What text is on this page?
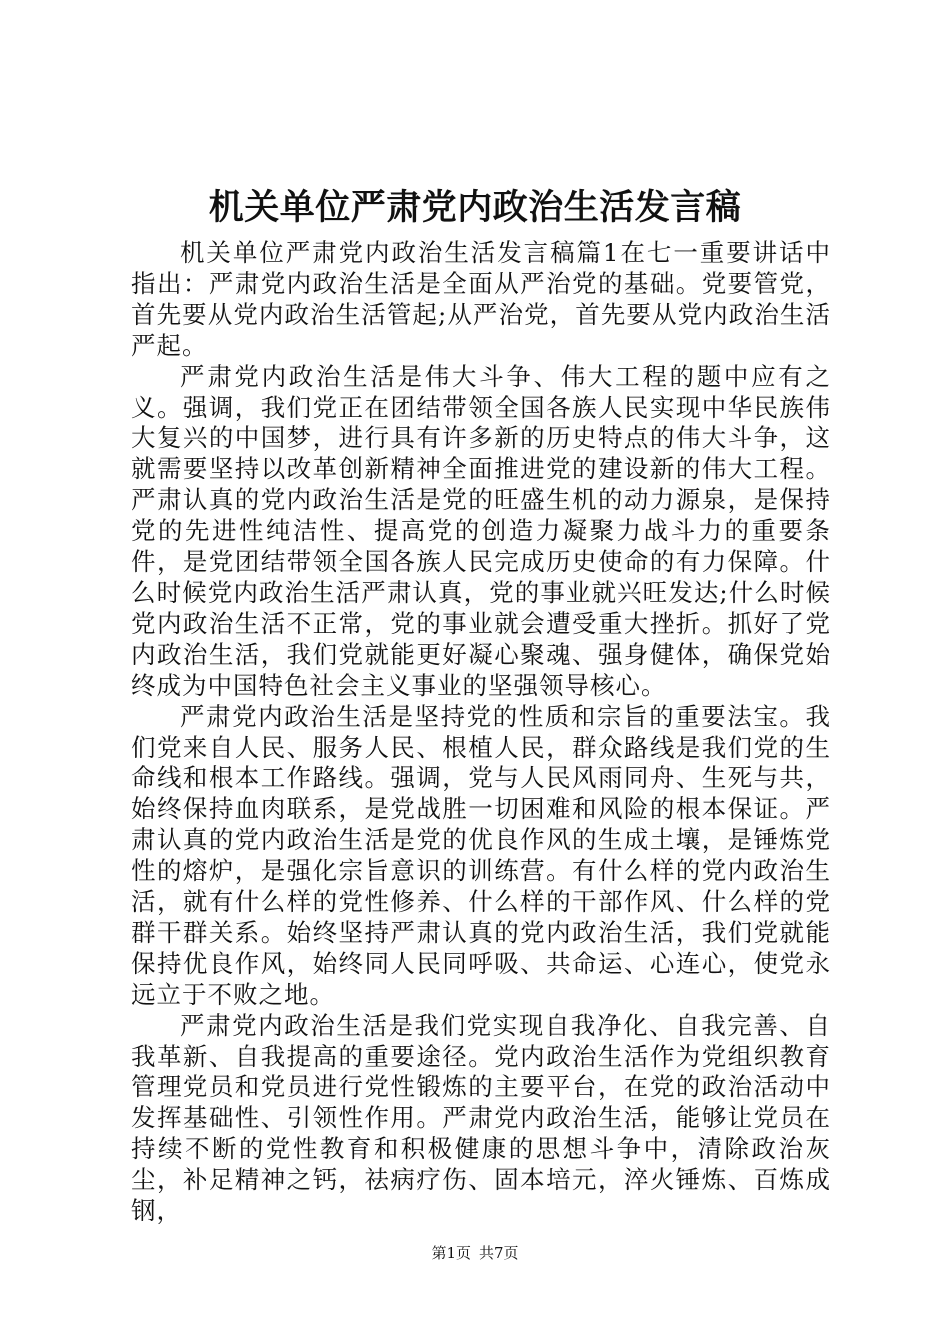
机关单位严肃党内政治生活发言稿

机关单位严肃党内政治生活发言稿篇1在七一重要讲话中指出：严肃党内政治生活是全面从严治党的基础。党要管党，首先要从党内政治生活管起;从严治党，首先要从党内政治生活严起。

严肃党内政治生活是伟大斗争、伟大工程的题中应有之义。强调，我们党正在团结带领全国各族人民实现中华民族伟大复兴的中国梦，进行具有许多新的历史特点的伟大斗争，这就需要坚持以改革创新精神全面推进党的建设新的伟大工程。严肃认真的党内政治生活是党的旺盛生机的动力源泉，是保持党的先进性纯洁性、提高党的创造力凝聚力战斗力的重要条件，是党团结带领全国各族人民完成历史使命的有力保障。什么时候党内政治生活严肃认真，党的事业就兴旺发达;什么时候党内政治生活不正常，党的事业就会遭受重大挫折。抓好了党内政治生活，我们党就能更好凝心聚魂、强身健体，确保党始终成为中国特色社会主义事业的坚强领导核心。

严肃党内政治生活是坚持党的性质和宗旨的重要法宝。我们党来自人民、服务人民、根植人民，群众路线是我们党的生命线和根本工作路线。强调，党与人民风雨同舟、生死与共，始终保持血肉联系，是党战胜一切困难和风险的根本保证。严肃认真的党内政治生活是党的优良作风的生成土壤，是锤炼党性的熔炉，是强化宗旨意识的训练营。有什么样的党内政治生活，就有什么样的党性修养、什么样的干部作风、什么样的党群干群关系。始终坚持严肃认真的党内政治生活，我们党就能保持优良作风，始终同人民同呼吸、共命运、心连心，使党永远立于不败之地。

严肃党内政治生活是我们党实现自我净化、自我完善、自我革新、自我提高的重要途径。党内政治生活作为党组织教育管理党员和党员进行党性锻炼的主要平台，在党的政治活动中发挥基础性、引领性作用。严肃党内政治生活，能够让党员在持续不断的党性教育和积极健康的思想斗争中，清除政治灰尘，补足精神之钙，祛病疗伤、固本培元，淬火锤炼、百炼成钢，

第1页 共7页
